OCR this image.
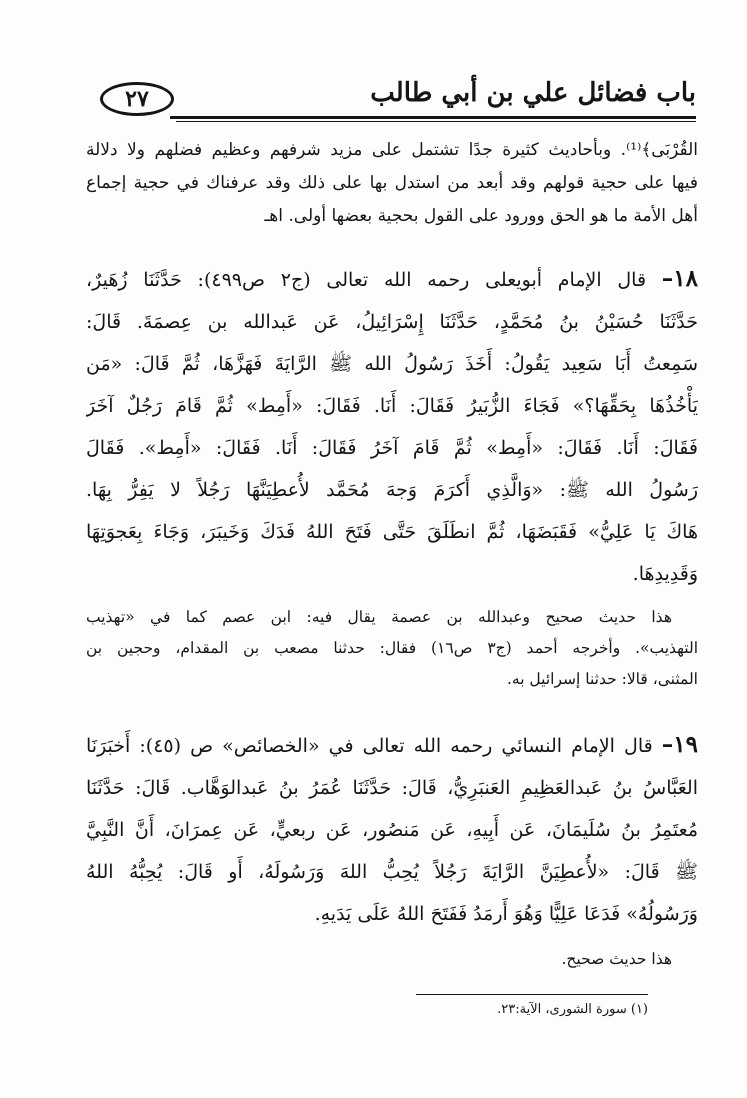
باب فضائل علي بن أبي طالب
٢٧

القُرْبَى﴾⁽¹⁾. وبأحاديث كثيرة جدًا تشتمل على مزيد شرفهم وعظيم فضلهم ولا دلالة

فيها على حجية قولهم وقد أبعد من استدل بها على ذلك وقد عرفناك في حجية إجماع

أهل الأمة ما هو الحق وورود على القول بحجية بعضها أولى. اهـ

١٨– قال الإمام أبويعلى رحمه الله تعالى (ج٢ ص٤٩٩): حَدَّثَنَا زُهَيرٌ،

حَدَّثَنَا حُسَيْنُ بنُ مُحَمَّدٍ، حَدَّثَنَا إِسْرَائِيلُ، عَن عَبدالله بن عِصمَةَ. قَالَ:

سَمِعتُ أَبَا سَعِيد يَقُولُ: أَخَذَ رَسُولُ الله ﷺ الرَّايَةَ فَهَزَّهَا، ثُمَّ قَالَ: «مَن

يَأْخُذُهَا بِحَقِّهَا؟» فَجَاءَ الزُّبَيرُ فَقَالَ: أَنَا. فَقَالَ: «أَمِط» ثُمَّ قَامَ رَجُلٌ آخَرَ

فَقَالَ: أَنَا. فَقَالَ: «أَمِط» ثُمَّ قَامَ آخَرُ فَقَالَ: أَنَا. فَقَالَ: «أَمِط». فَقَالَ

رَسُولُ الله ﷺ: «وَالَّذِي أَكرَمَ وَجهَ مُحَمَّد لأُعطِيَنَّهَا رَجُلاً لا يَفِرُّ بِهَا.

هَاكَ يَا عَلِيُّ» فَقَبَضَهَا، ثُمَّ انطَلَقَ حَتَّى فَتَحَ اللهُ فَدَكَ وَخَيبَرَ، وَجَاءَ بِعَجوَتِهَا

وَقَدِيدِهَا.

هذا حديث صحيح وعبدالله بن عصمة يقال فيه: ابن عصم كما في «تهذيب

التهذيب». وأخرجه أحمد (ج٣ ص١٦) فقال: حدثنا مصعب بن المقدام، وحجين بن

المثنى، قالا: حدثنا إسرائيل به.

١٩– قال الإمام النسائي رحمه الله تعالى في «الخصائص» ص (٤٥): أَخبَرَنَا

العَبَّاسُ بنُ عَبدالعَظِيمِ العَنبَرِيُّ، قَالَ: حَدَّثَنَا عُمَرُ بنُ عَبدالوَهَّاب. قَالَ: حَدَّثَنَا

مُعتَمِرُ بنُ سُلَيمَانَ، عَن أَبِيهِ، عَن مَنصُور، عَن ربعيٍّ، عَن عِمرَانَ، أَنَّ النَّبِيَّ

ﷺ قَالَ: «لأُعطِيَنَّ الرَّايَةَ رَجُلاً يُحِبُّ اللهَ وَرَسُولَهُ، أَو قَالَ: يُحِبُّهُ اللهُ

وَرَسُولُهُ» فَدَعَا عَلِيًّا وَهُوَ أَرمَدُ فَفَتَحَ اللهُ عَلَى يَدَيهِ.

هذا حديث صحيح.

(١) سورة الشورى، الآية:٢٣.
